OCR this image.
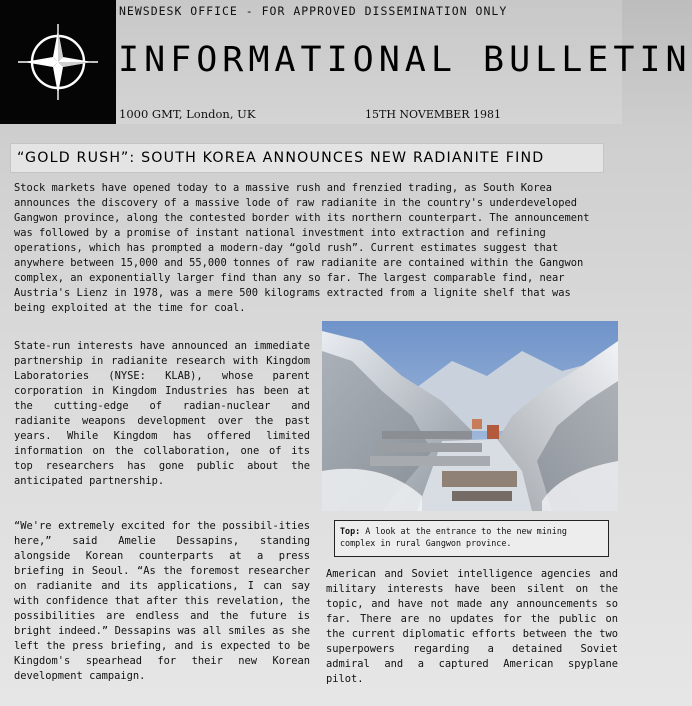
NEWSDESK OFFICE - FOR APPROVED DISSEMINATION ONLY
INFORMATIONAL BULLETIN
1000 GMT, London, UK	15TH NOVEMBER 1981
“GOLD RUSH”: SOUTH KOREA ANNOUNCES NEW RADIANITE FIND
Stock markets have opened today to a massive rush and frenzied trading, as South Korea announces the discovery of a massive lode of raw radianite in the country's underdeveloped Gangwon province, along the contested border with its northern counterpart. The announcement was followed by a promise of instant national investment into extraction and refining operations, which has prompted a modern-day “gold rush”. Current estimates suggest that anywhere between 15,000 and 55,000 tonnes of raw radianite are contained within the Gangwon complex, an exponentially larger find than any so far. The largest comparable find, near Austria's Lienz in 1978, was a mere 500 kilograms extracted from a lignite shelf that was being exploited at the time for coal.
State-run interests have announced an immediate partnership in radianite research with Kingdom Laboratories (NYSE: KLAB), whose parent corporation in Kingdom Industries has been at the cutting-edge of radian-nuclear and radianite weapons development over the past years. While Kingdom has offered limited information on the collaboration, one of its top researchers has gone public about the anticipated partnership.
Top: A look at the entrance to the new mining complex in rural Gangwon province.
“We're extremely excited for the possibil-ities here,” said Amelie Dessapins, standing alongside Korean counterparts at a press briefing in Seoul. “As the foremost researcher on radianite and its applications, I can say with confidence that after this revelation, the possibilities are endless and the future is bright indeed.” Dessapins was all smiles as she left the press briefing, and is expected to be Kingdom's spearhead for their new Korean development campaign.
American and Soviet intelligence agencies and military interests have been silent on the topic, and have not made any announcements so far. There are no updates for the public on the current diplomatic efforts between the two superpowers regarding a detained Soviet admiral and a captured American spyplane pilot.
